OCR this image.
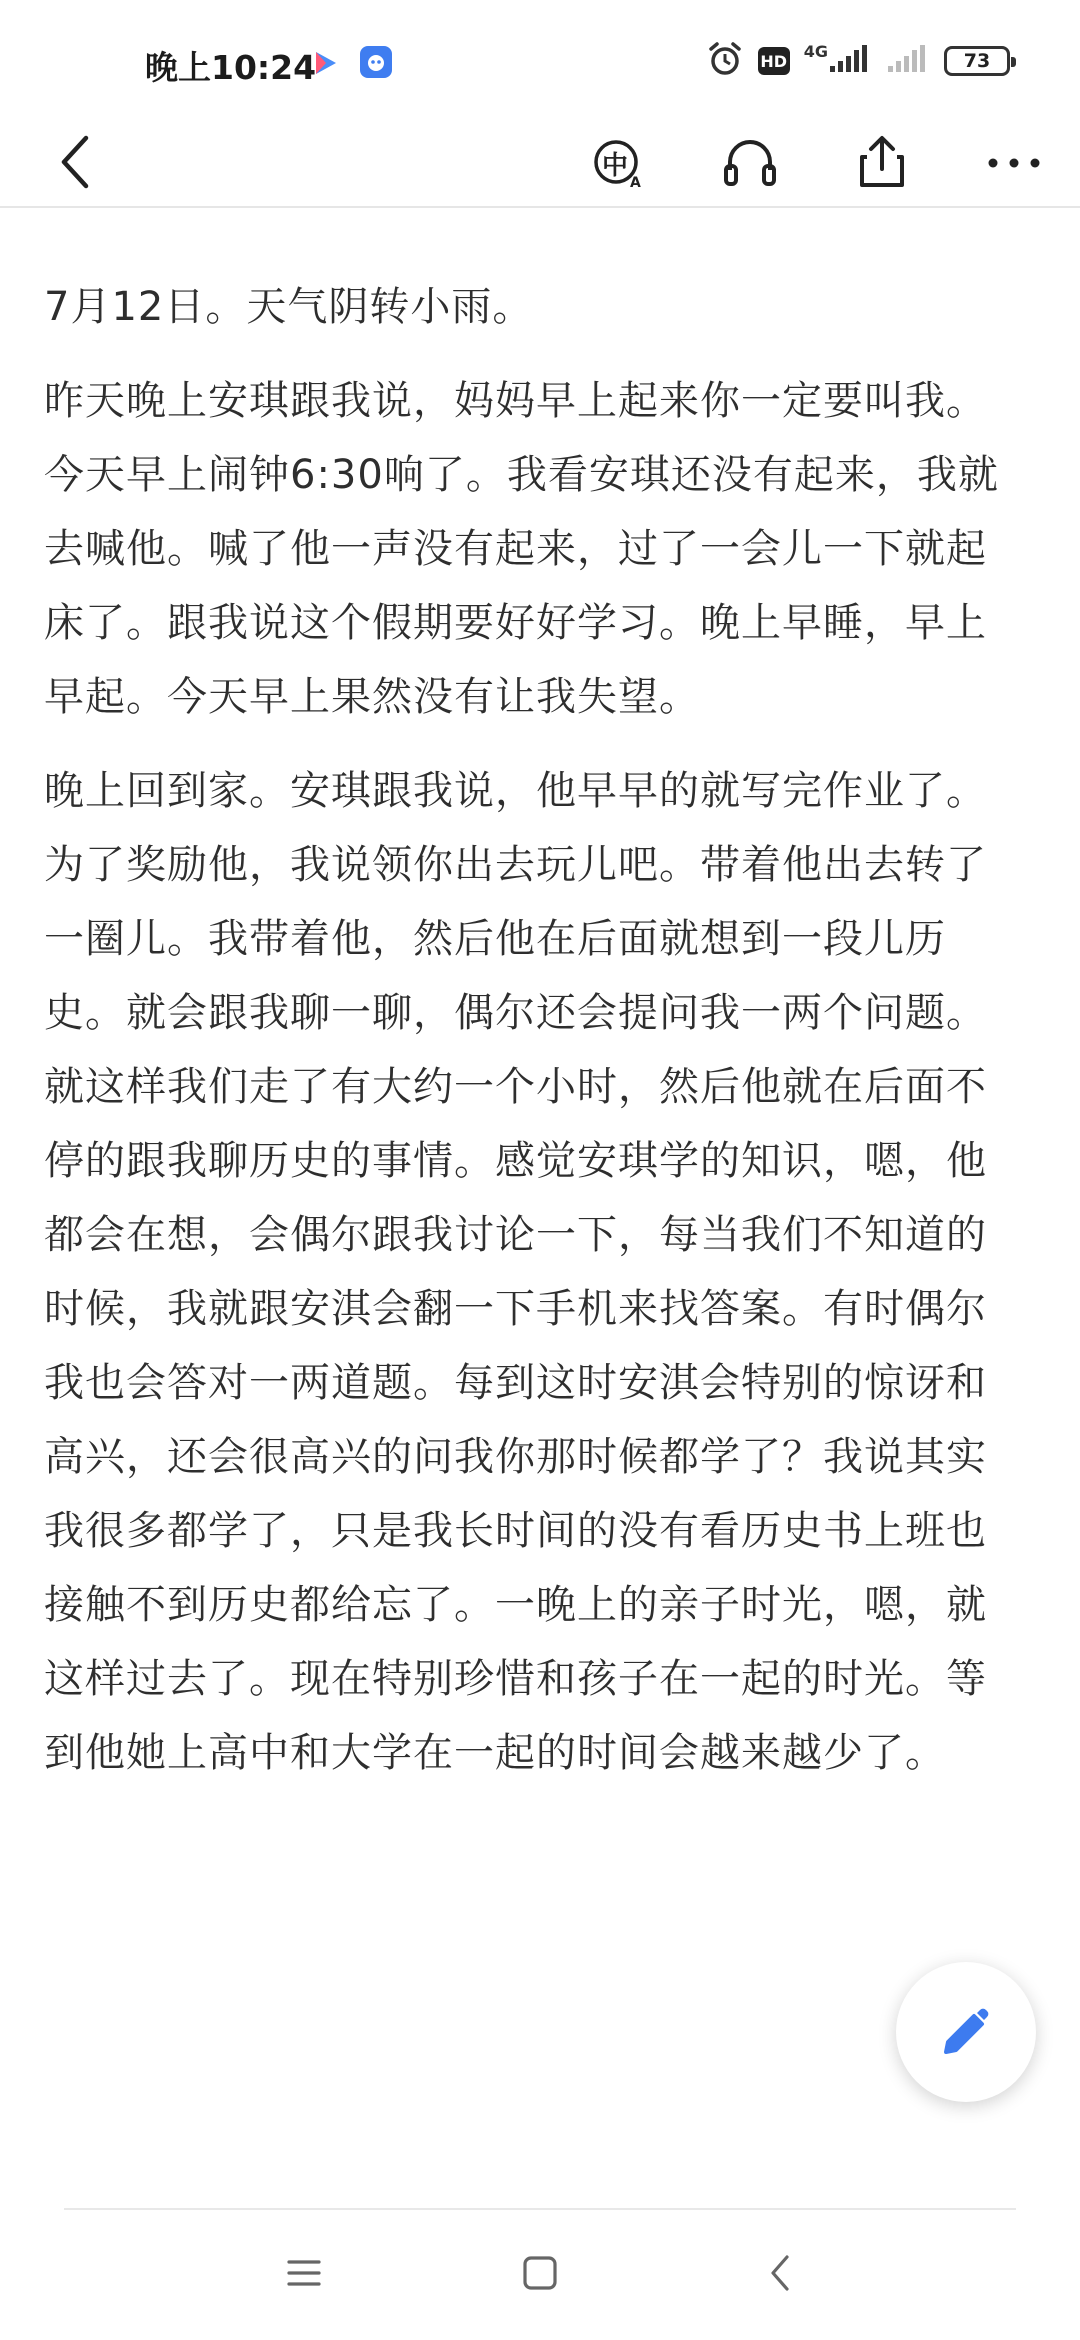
晚上10:24	HD
4G	73
A
中

7月12日。天气阴转小雨。

昨天晚上安琪跟我说，妈妈早上起来你一定要叫我。今天早上闹钟6:30响了。我看安琪还没有起来，我就去喊他。喊了他一声没有起来，过了一会儿一下就起床了。跟我说这个假期要好好学习。晚上早睡，早上早起。今天早上果然没有让我失望。

晚上回到家。安琪跟我说，他早早的就写完作业了。为了奖励他，我说领你出去玩儿吧。带着他出去转了一圈儿。我带着他，然后他在后面就想到一段儿历史。就会跟我聊一聊，偶尔还会提问我一两个问题。就这样我们走了有大约一个小时，然后他就在后面不停的跟我聊历史的事情。感觉安琪学的知识，嗯，他都会在想，会偶尔跟我讨论一下，每当我们不知道的时候，我就跟安淇会翻一下手机来找答案。有时偶尔我也会答对一两道题。每到这时安淇会特别的惊讶和高兴，还会很高兴的问我你那时候都学了？我说其实我很多都学了，只是我长时间的没有看历史书上班也接触不到历史都给忘了。一晚上的亲子时光，嗯，就这样过去了。现在特别珍惜和孩子在一起的时光。等到他她上高中和大学在一起的时间会越来越少了。
